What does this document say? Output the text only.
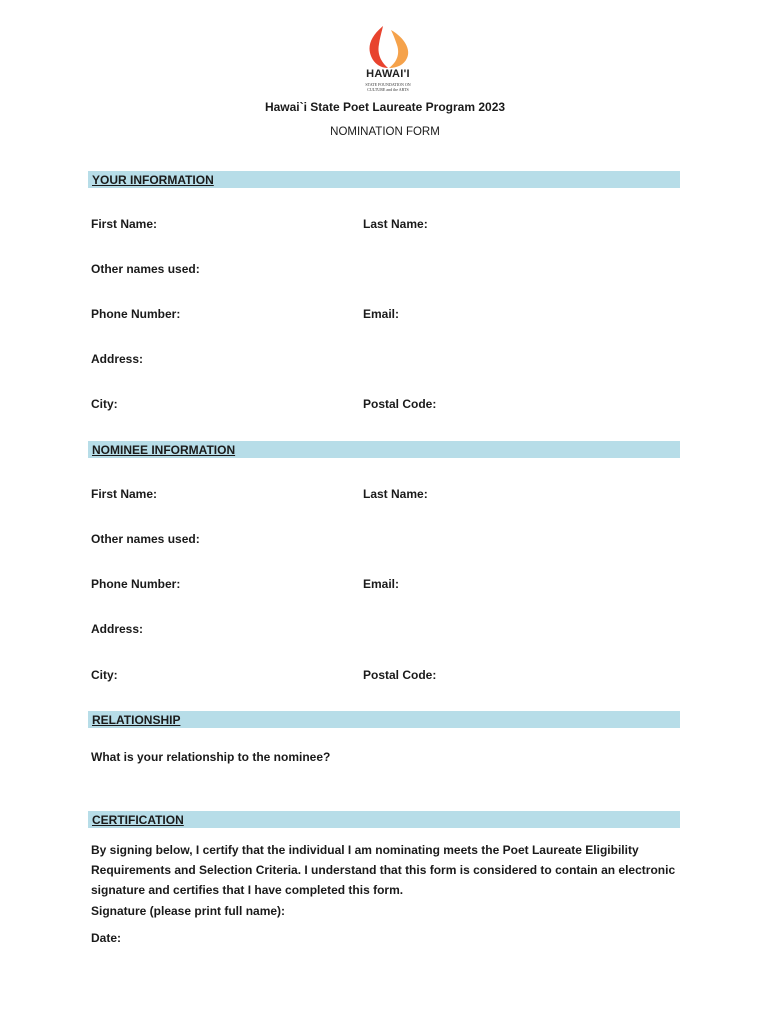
HAWAI'I
STATE FOUNDATION ON
CULTURE and the ARTS
Hawai`i State Poet Laureate Program 2023
NOMINATION FORM
YOUR INFORMATION
First Name:	Last Name:
Other names used:
Phone Number:	Email:
Address:
City:	Postal Code:
NOMINEE INFORMATION
First Name:	Last Name:
Other names used:
Phone Number:	Email:
Address:
City:	Postal Code:
RELATIONSHIP
What is your relationship to the nominee?
CERTIFICATION
By signing below, I certify that the individual I am nominating meets the Poet Laureate Eligibility Requirements and Selection Criteria. I understand that this form is considered to contain an electronic signature and certifies that I have completed this form.
Signature (please print full name):
Date:
